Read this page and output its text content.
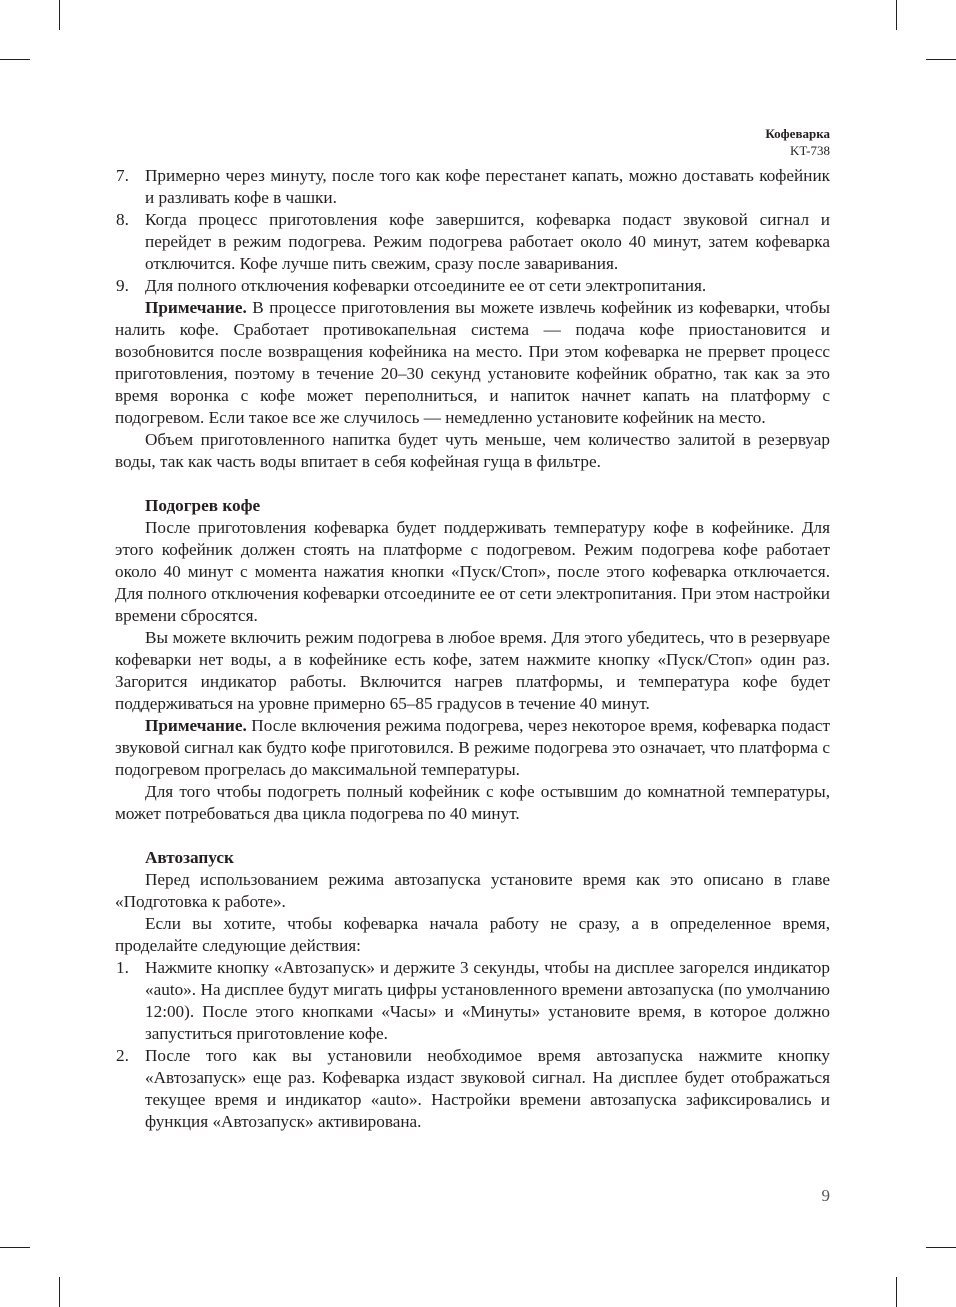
Кофеварка
KT-738

7. Примерно через минуту, после того как кофе перестанет капать, можно доставать кофейник и разливать кофе в чашки.

8. Когда процесс приготовления кофе завершится, кофеварка подаст звуковой сигнал и перейдет в режим подогрева. Режим подогрева работает около 40 минут, затем кофеварка отключится. Кофе лучше пить свежим, сразу после заваривания.

9. Для полного отключения кофеварки отсоедините ее от сети электропитания.

Примечание. В процессе приготовления вы можете извлечь кофейник из кофеварки, чтобы налить кофе. Сработает противокапельная система — подача кофе приостановится и возобновится после возвращения кофейника на место. При этом кофеварка не прервет процесс приготовления, поэтому в течение 20–30 секунд установите кофейник обратно, так как за это время воронка с кофе может переполниться, и напиток начнет капать на платформу с подогревом. Если такое все же случилось — немедленно установите кофейник на место.

Объем приготовленного напитка будет чуть меньше, чем количество залитой в резервуар воды, так как часть воды впитает в себя кофейная гуща в фильтре.

Подогрев кофе

После приготовления кофеварка будет поддерживать температуру кофе в кофейнике. Для этого кофейник должен стоять на платформе с подогревом. Режим подогрева кофе работает около 40 минут с момента нажатия кнопки «Пуск/Стоп», после этого кофеварка отключается. Для полного отключения кофеварки отсоедините ее от сети электропитания. При этом настройки времени сбросятся.

Вы можете включить режим подогрева в любое время. Для этого убедитесь, что в резервуаре кофеварки нет воды, а в кофейнике есть кофе, затем нажмите кнопку «Пуск/Стоп» один раз. Загорится индикатор работы. Включится нагрев платформы, и температура кофе будет поддерживаться на уровне примерно 65–85 градусов в течение 40 минут.

Примечание. После включения режима подогрева, через некоторое время, кофеварка подаст звуковой сигнал как будто кофе приготовился. В режиме подогрева это означает, что платформа с подогревом прогрелась до максимальной температуры.

Для того чтобы подогреть полный кофейник с кофе остывшим до комнатной температуры, может потребоваться два цикла подогрева по 40 минут.

Автозапуск

Перед использованием режима автозапуска установите время как это описано в главе «Подготовка к работе».

Если вы хотите, чтобы кофеварка начала работу не сразу, а в определенное время, проделайте следующие действия:

1. Нажмите кнопку «Автозапуск» и держите 3 секунды, чтобы на дисплее загорелся индикатор «auto». На дисплее будут мигать цифры установленного времени автозапуска (по умолчанию 12:00). После этого кнопками «Часы» и «Минуты» установите время, в которое должно запуститься приготовление кофе.

2. После того как вы установили необходимое время автозапуска нажмите кнопку «Автозапуск» еще раз. Кофеварка издаст звуковой сигнал. На дисплее будет отображаться текущее время и индикатор «auto». Настройки времени автозапуска зафиксировались и функция «Автозапуск» активирована.

9
